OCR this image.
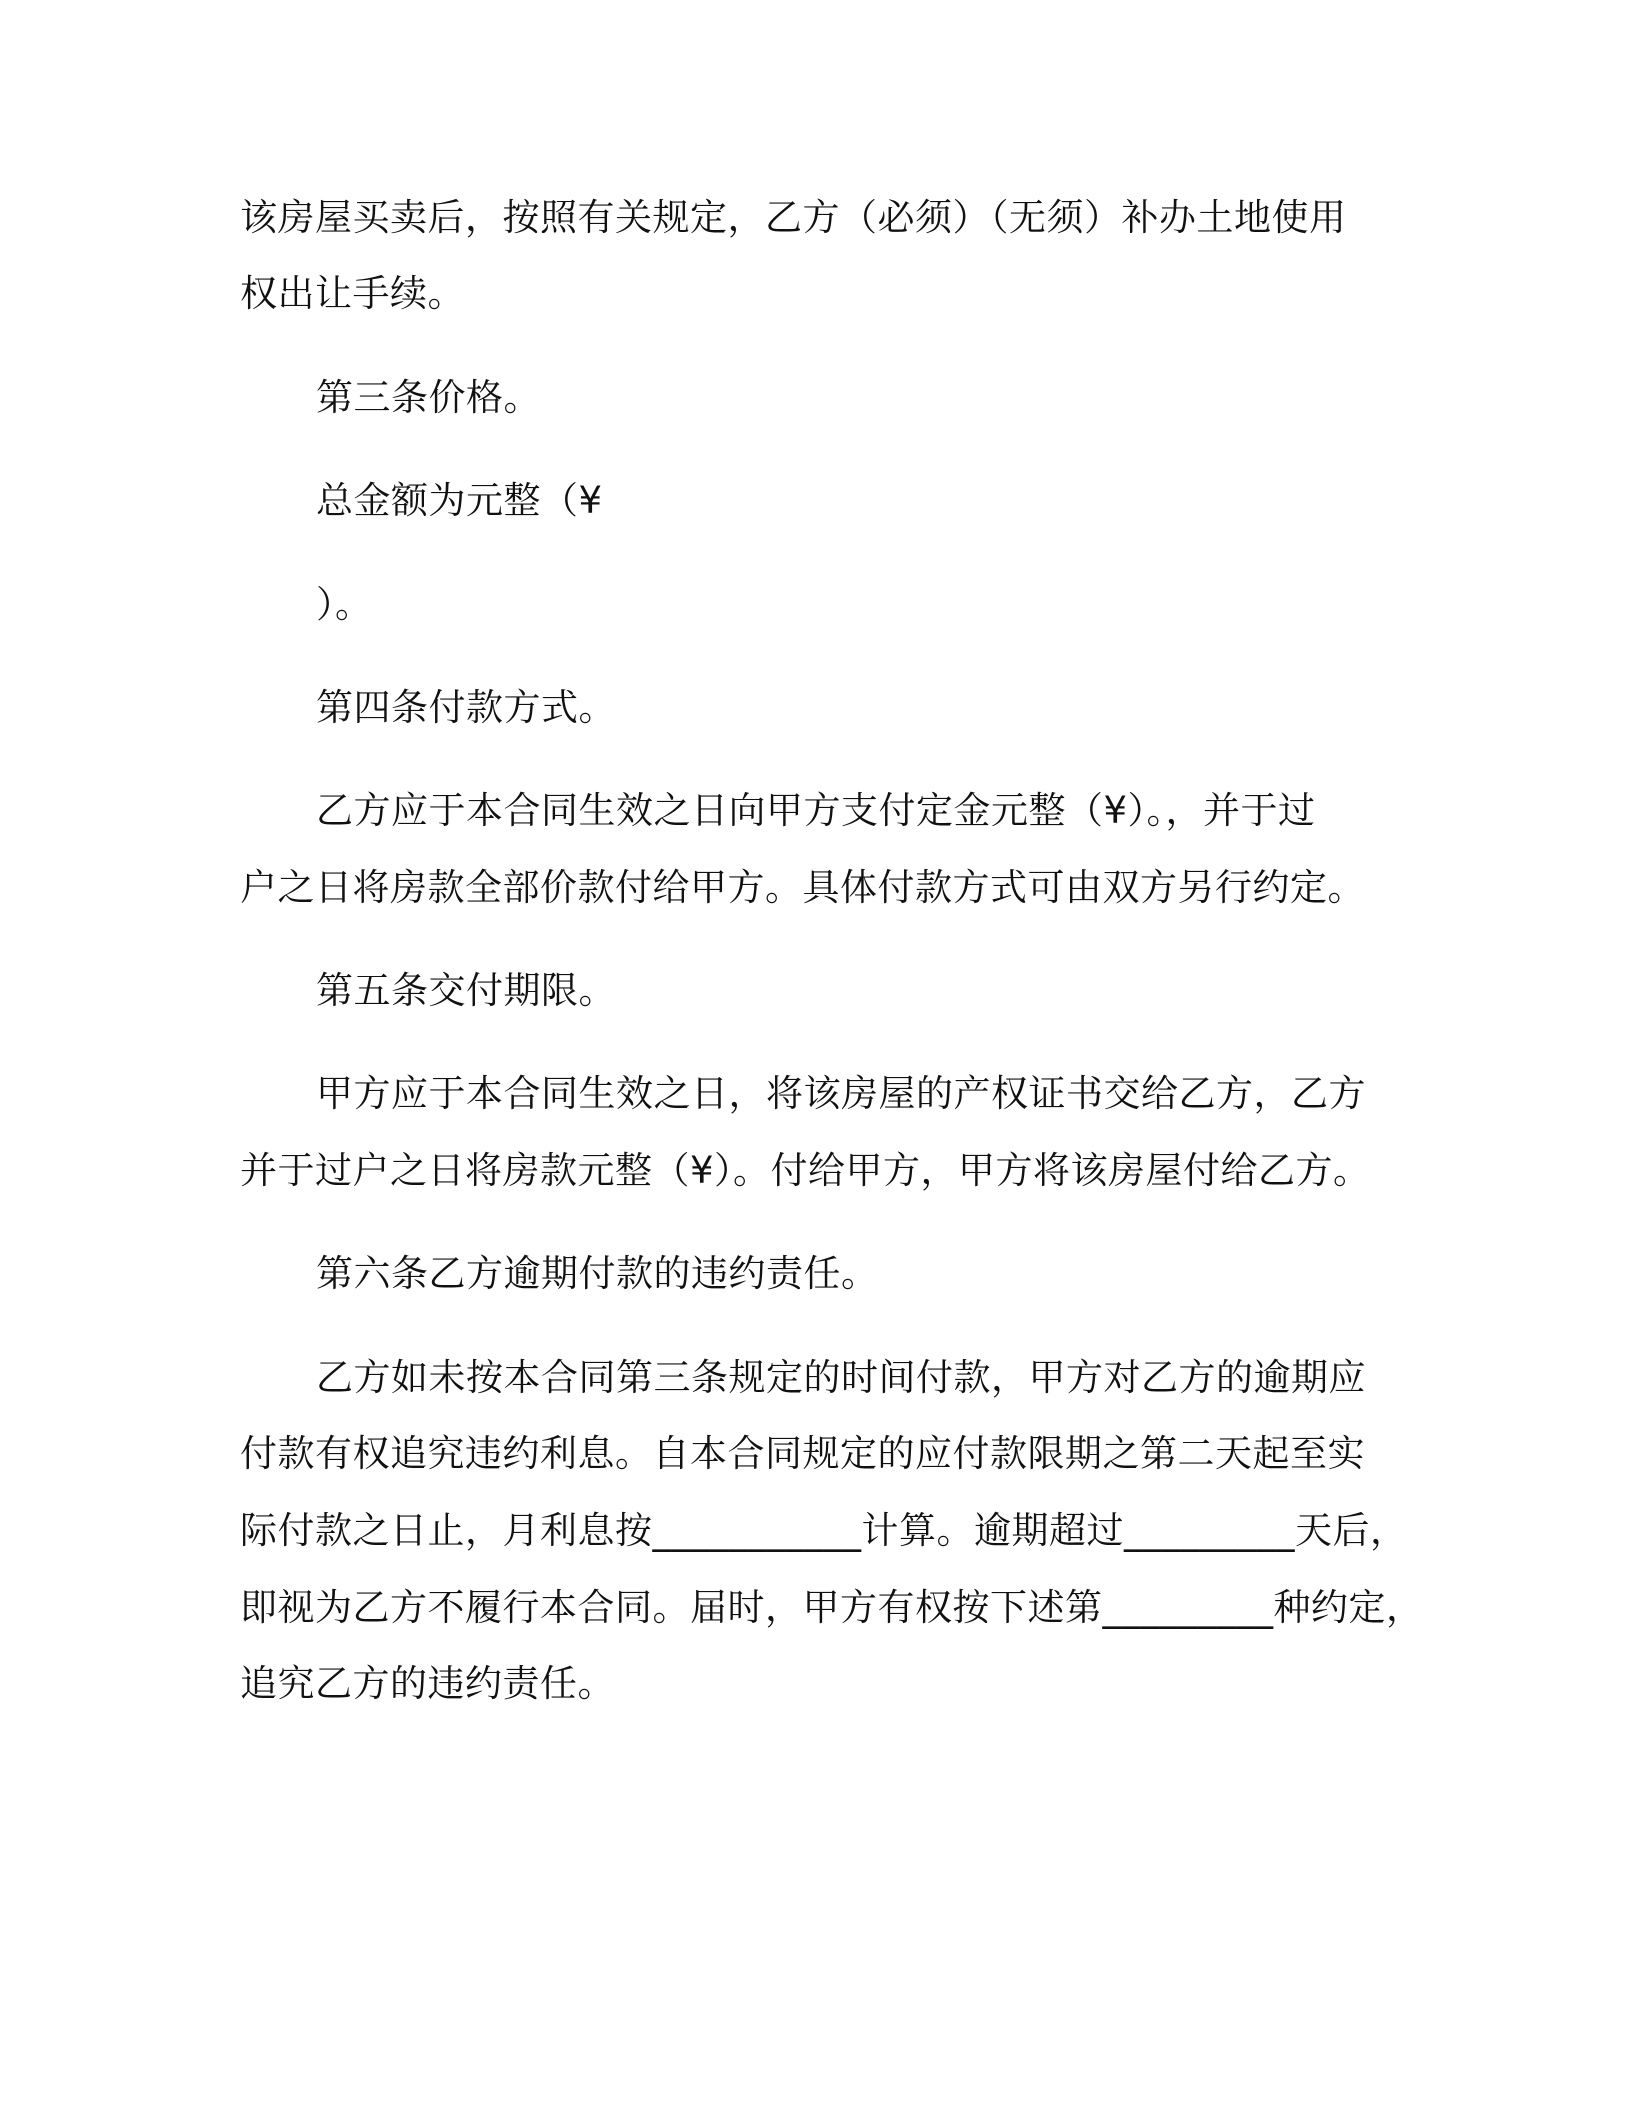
该房屋买卖后，按照有关规定，乙方（必须）（无须）补办土地使用
权出让手续。
第三条价格。
总金额为元整（¥
）。
第四条付款方式。
乙方应于本合同生效之日向甲方支付定金元整（¥）。，并于过
户之日将房款全部价款付给甲方。具体付款方式可由双方另行约定。
第五条交付期限。
甲方应于本合同生效之日，将该房屋的产权证书交给乙方，乙方
并于过户之日将房款元整（¥）。付给甲方，甲方将该房屋付给乙方。
第六条乙方逾期付款的违约责任。
乙方如未按本合同第三条规定的时间付款，甲方对乙方的逾期应
付款有权追究违约利息。自本合同规定的应付款限期之第二天起至实
际付款之日止，月利息按___________计算。逾期超过_________天后，
即视为乙方不履行本合同。届时，甲方有权按下述第_________种约定，
追究乙方的违约责任。
